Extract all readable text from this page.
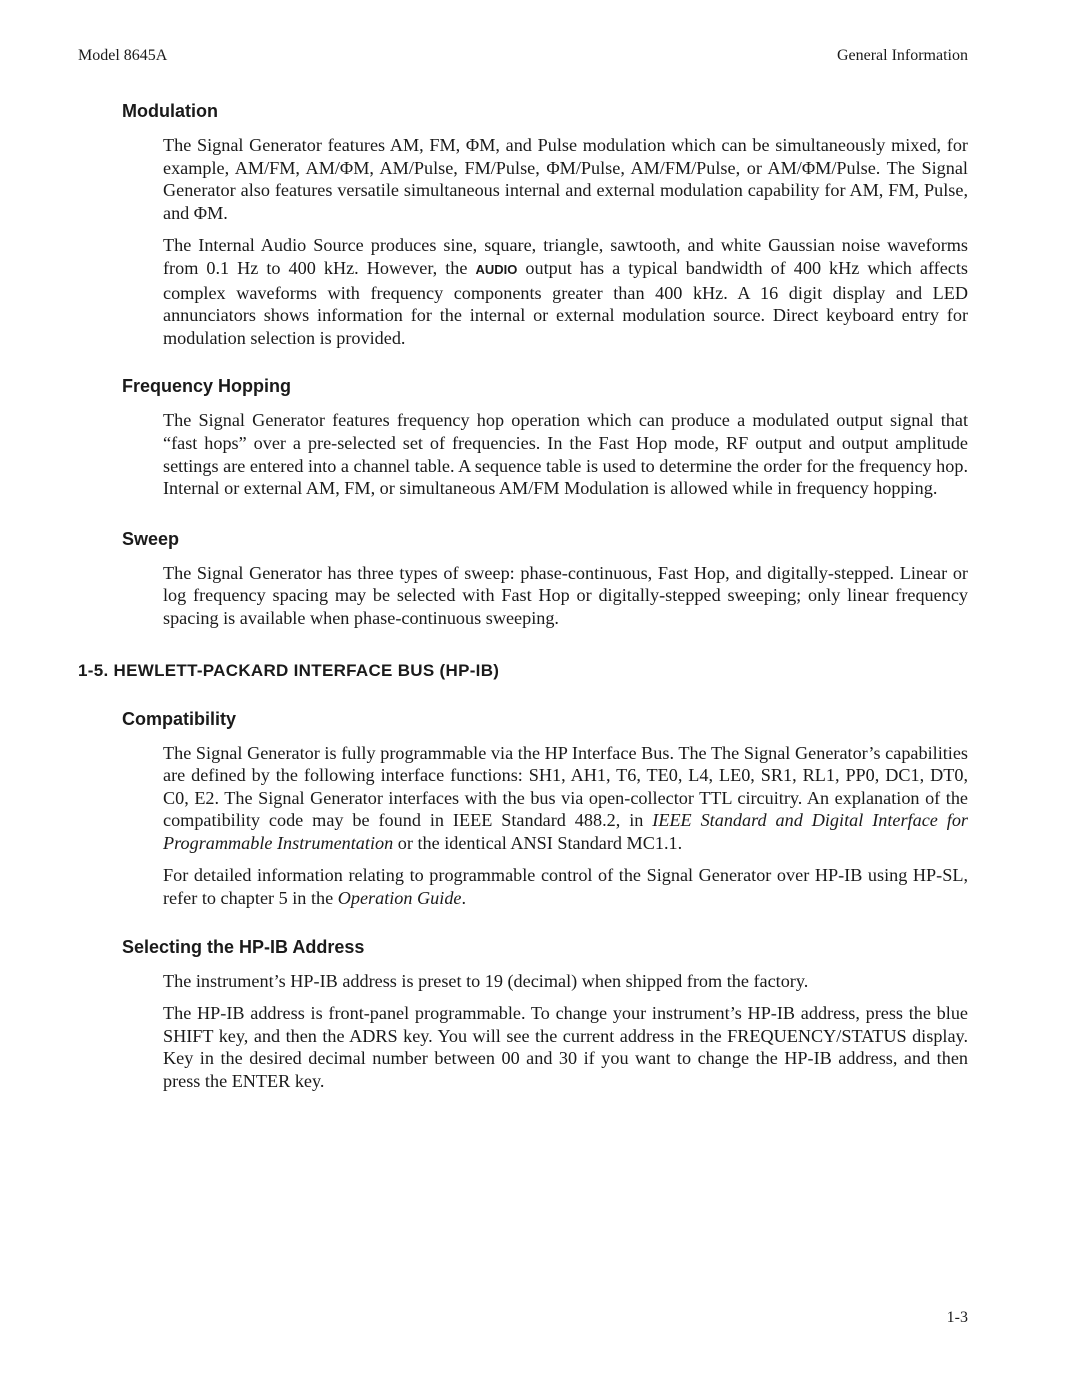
Model 8645A	General Information
Modulation

The Signal Generator features AM, FM, ΦM, and Pulse modulation which can be simultaneously mixed, for example, AM/FM, AM/ΦM, AM/Pulse, FM/Pulse, ΦM/Pulse, AM/FM/Pulse, or AM/ΦM/Pulse. The Signal Generator also features versatile simultaneous internal and external modulation capability for AM, FM, Pulse, and ΦM.

The Internal Audio Source produces sine, square, triangle, sawtooth, and white Gaussian noise waveforms from 0.1 Hz to 400 kHz. However, the AUDIO output has a typical bandwidth of 400 kHz which affects complex waveforms with frequency components greater than 400 kHz. A 16 digit display and LED annunciators shows information for the internal or external modulation source. Direct keyboard entry for modulation selection is provided.

Frequency Hopping

The Signal Generator features frequency hop operation which can produce a modulated output signal that “fast hops” over a pre-selected set of frequencies. In the Fast Hop mode, RF output and output amplitude settings are entered into a channel table. A sequence table is used to determine the order for the frequency hop. Internal or external AM, FM, or simultaneous AM/FM Modulation is allowed while in frequency hopping.

Sweep

The Signal Generator has three types of sweep: phase-continuous, Fast Hop, and digitally-stepped. Linear or log frequency spacing may be selected with Fast Hop or digitally-stepped sweeping; only linear frequency spacing is available when phase-continuous sweeping.

1-5. HEWLETT-PACKARD INTERFACE BUS (HP-IB)
Compatibility

The Signal Generator is fully programmable via the HP Interface Bus. The The Signal Generator’s capabilities are defined by the following interface functions: SH1, AH1, T6, TE0, L4, LE0, SR1, RL1, PP0, DC1, DT0, C0, E2. The Signal Generator interfaces with the bus via open-collector TTL circuitry. An explanation of the compatibility code may be found in IEEE Standard 488.2, in IEEE Standard and Digital Interface for Programmable Instrumentation or the identical ANSI Standard MC1.1.

For detailed information relating to programmable control of the Signal Generator over HP-IB using HP-SL, refer to chapter 5 in the Operation Guide.

Selecting the HP-IB Address

The instrument’s HP-IB address is preset to 19 (decimal) when shipped from the factory.

The HP-IB address is front-panel programmable. To change your instrument’s HP-IB address, press the blue SHIFT key, and then the ADRS key. You will see the current address in the FREQUENCY/STATUS display. Key in the desired decimal number between 00 and 30 if you want to change the HP-IB address, and then press the ENTER key.

1-3
